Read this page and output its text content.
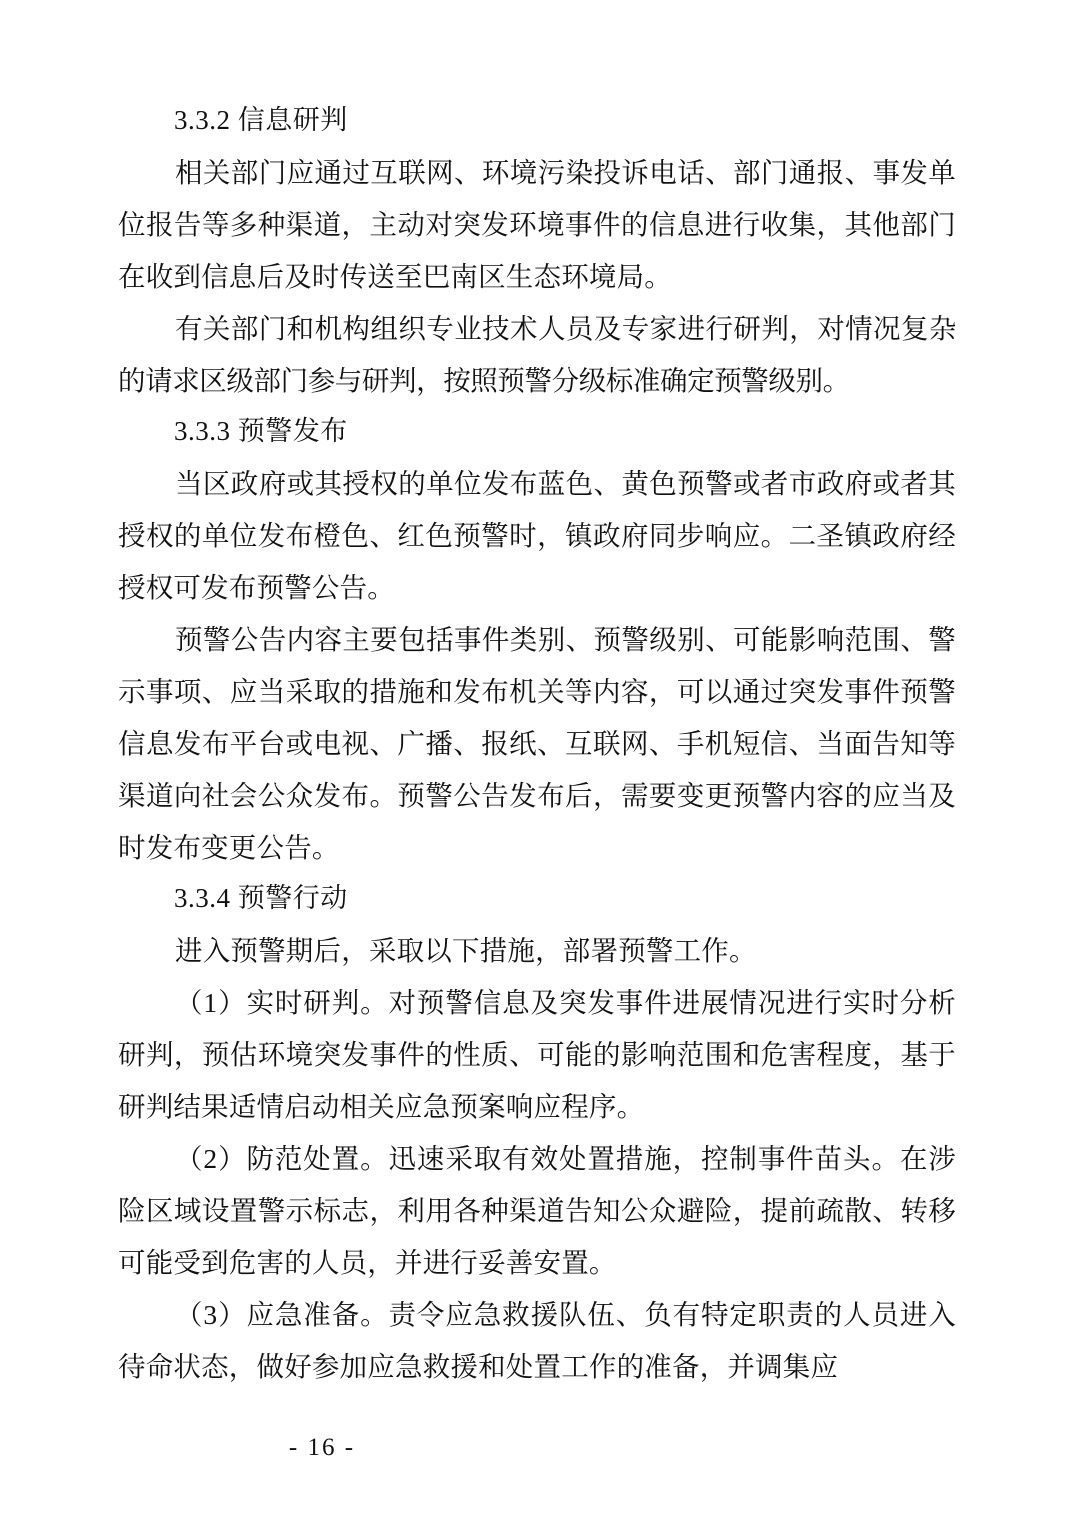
3.3.2 信息研判

相关部门应通过互联网、环境污染投诉电话、部门通报、事发单位报告等多种渠道，主动对突发环境事件的信息进行收集，其他部门在收到信息后及时传送至巴南区生态环境局。

有关部门和机构组织专业技术人员及专家进行研判，对情况复杂的请求区级部门参与研判，按照预警分级标准确定预警级别。

3.3.3 预警发布

当区政府或其授权的单位发布蓝色、黄色预警或者市政府或者其授权的单位发布橙色、红色预警时，镇政府同步响应。二圣镇政府经授权可发布预警公告。

预警公告内容主要包括事件类别、预警级别、可能影响范围、警示事项、应当采取的措施和发布机关等内容，可以通过突发事件预警信息发布平台或电视、广播、报纸、互联网、手机短信、当面告知等渠道向社会公众发布。预警公告发布后，需要变更预警内容的应当及时发布变更公告。

3.3.4 预警行动

进入预警期后，采取以下措施，部署预警工作。

（1）实时研判。对预警信息及突发事件进展情况进行实时分析研判，预估环境突发事件的性质、可能的影响范围和危害程度，基于研判结果适情启动相关应急预案响应程序。

（2）防范处置。迅速采取有效处置措施，控制事件苗头。在涉险区域设置警示标志，利用各种渠道告知公众避险，提前疏散、转移可能受到危害的人员，并进行妥善安置。

（3）应急准备。责令应急救援队伍、负有特定职责的人员进入待命状态，做好参加应急救援和处置工作的准备，并调集应

- 16 -
